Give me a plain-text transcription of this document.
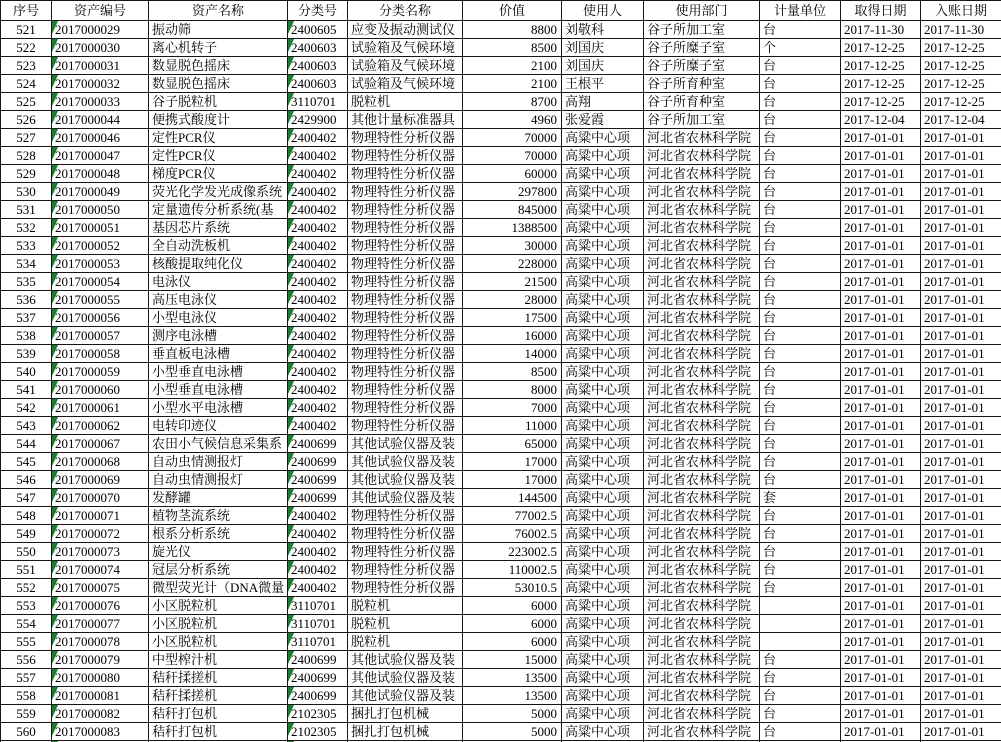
序号	资产编号	资产名称	分类号	分类名称	价值	使用人	使用部门	计量单位	取得日期	入账日期
521	2017000029	振动筛	2400605	应变及振动测试仪	8800	刘敬科	谷子所加工室	台	2017-11-30	2017-11-30
522	2017000030	离心机转子	2400603	试验箱及气候环境	8500	刘国庆	谷子所糜子室	个	2017-12-25	2017-12-25
523	2017000031	数显脱色摇床	2400603	试验箱及气候环境	2100	刘国庆	谷子所糜子室	台	2017-12-25	2017-12-25
524	2017000032	数显脱色摇床	2400603	试验箱及气候环境	2100	王根平	谷子所育种室	台	2017-12-25	2017-12-25
525	2017000033	谷子脱粒机	3110701	脱粒机	8700	高翔	谷子所育种室	台	2017-12-25	2017-12-25
526	2017000044	便携式酸度计	2429900	其他计量标准器具	4960	张爱霞	谷子所加工室	台	2017-12-04	2017-12-04
527	2017000046	定性PCR仪	2400402	物理特性分析仪器	70000	高粱中心项	河北省农林科学院	台	2017-01-01	2017-01-01
528	2017000047	定性PCR仪	2400402	物理特性分析仪器	70000	高粱中心项	河北省农林科学院	台	2017-01-01	2017-01-01
529	2017000048	梯度PCR仪	2400402	物理特性分析仪器	60000	高粱中心项	河北省农林科学院	台	2017-01-01	2017-01-01
530	2017000049	荧光化学发光成像系统	2400402	物理特性分析仪器	297800	高粱中心项	河北省农林科学院	台	2017-01-01	2017-01-01
531	2017000050	定量遗传分析系统(基	2400402	物理特性分析仪器	845000	高粱中心项	河北省农林科学院	台	2017-01-01	2017-01-01
532	2017000051	基因芯片系统	2400402	物理特性分析仪器	1388500	高粱中心项	河北省农林科学院	台	2017-01-01	2017-01-01
533	2017000052	全自动洗板机	2400402	物理特性分析仪器	30000	高粱中心项	河北省农林科学院	台	2017-01-01	2017-01-01
534	2017000053	核酸提取纯化仪	2400402	物理特性分析仪器	228000	高粱中心项	河北省农林科学院	台	2017-01-01	2017-01-01
535	2017000054	电泳仪	2400402	物理特性分析仪器	21500	高粱中心项	河北省农林科学院	台	2017-01-01	2017-01-01
536	2017000055	高压电泳仪	2400402	物理特性分析仪器	28000	高粱中心项	河北省农林科学院	台	2017-01-01	2017-01-01
537	2017000056	小型电泳仪	2400402	物理特性分析仪器	17500	高粱中心项	河北省农林科学院	台	2017-01-01	2017-01-01
538	2017000057	测序电泳槽	2400402	物理特性分析仪器	16000	高粱中心项	河北省农林科学院	台	2017-01-01	2017-01-01
539	2017000058	垂直板电泳槽	2400402	物理特性分析仪器	14000	高粱中心项	河北省农林科学院	台	2017-01-01	2017-01-01
540	2017000059	小型垂直电泳槽	2400402	物理特性分析仪器	8500	高粱中心项	河北省农林科学院	台	2017-01-01	2017-01-01
541	2017000060	小型垂直电泳槽	2400402	物理特性分析仪器	8000	高粱中心项	河北省农林科学院	台	2017-01-01	2017-01-01
542	2017000061	小型水平电泳槽	2400402	物理特性分析仪器	7000	高粱中心项	河北省农林科学院	台	2017-01-01	2017-01-01
543	2017000062	电转印迹仪	2400402	物理特性分析仪器	11000	高粱中心项	河北省农林科学院	台	2017-01-01	2017-01-01
544	2017000067	农田小气候信息采集系	2400699	其他试验仪器及装	65000	高粱中心项	河北省农林科学院	台	2017-01-01	2017-01-01
545	2017000068	自动虫情测报灯	2400699	其他试验仪器及装	17000	高粱中心项	河北省农林科学院	台	2017-01-01	2017-01-01
546	2017000069	自动虫情测报灯	2400699	其他试验仪器及装	17000	高粱中心项	河北省农林科学院	台	2017-01-01	2017-01-01
547	2017000070	发酵罐	2400699	其他试验仪器及装	144500	高粱中心项	河北省农林科学院	套	2017-01-01	2017-01-01
548	2017000071	植物茎流系统	2400402	物理特性分析仪器	77002.5	高粱中心项	河北省农林科学院	台	2017-01-01	2017-01-01
549	2017000072	根系分析系统	2400402	物理特性分析仪器	76002.5	高粱中心项	河北省农林科学院	台	2017-01-01	2017-01-01
550	2017000073	旋光仪	2400402	物理特性分析仪器	223002.5	高粱中心项	河北省农林科学院	台	2017-01-01	2017-01-01
551	2017000074	冠层分析系统	2400402	物理特性分析仪器	110002.5	高粱中心项	河北省农林科学院	台	2017-01-01	2017-01-01
552	2017000075	微型荧光计（DNA微量	2400402	物理特性分析仪器	53010.5	高粱中心项	河北省农林科学院	台	2017-01-01	2017-01-01
553	2017000076	小区脱粒机	3110701	脱粒机	6000	高粱中心项	河北省农林科学院		2017-01-01	2017-01-01
554	2017000077	小区脱粒机	3110701	脱粒机	6000	高粱中心项	河北省农林科学院		2017-01-01	2017-01-01
555	2017000078	小区脱粒机	3110701	脱粒机	6000	高粱中心项	河北省农林科学院		2017-01-01	2017-01-01
556	2017000079	中型榨汁机	2400699	其他试验仪器及装	15000	高粱中心项	河北省农林科学院	台	2017-01-01	2017-01-01
557	2017000080	秸秆揉搓机	2400699	其他试验仪器及装	13500	高粱中心项	河北省农林科学院	台	2017-01-01	2017-01-01
558	2017000081	秸秆揉搓机	2400699	其他试验仪器及装	13500	高粱中心项	河北省农林科学院	台	2017-01-01	2017-01-01
559	2017000082	秸秆打包机	2102305	捆扎打包机械	5000	高粱中心项	河北省农林科学院	台	2017-01-01	2017-01-01
560	2017000083	秸秆打包机	2102305	捆扎打包机械	5000	高粱中心项	河北省农林科学院	台	2017-01-01	2017-01-01
